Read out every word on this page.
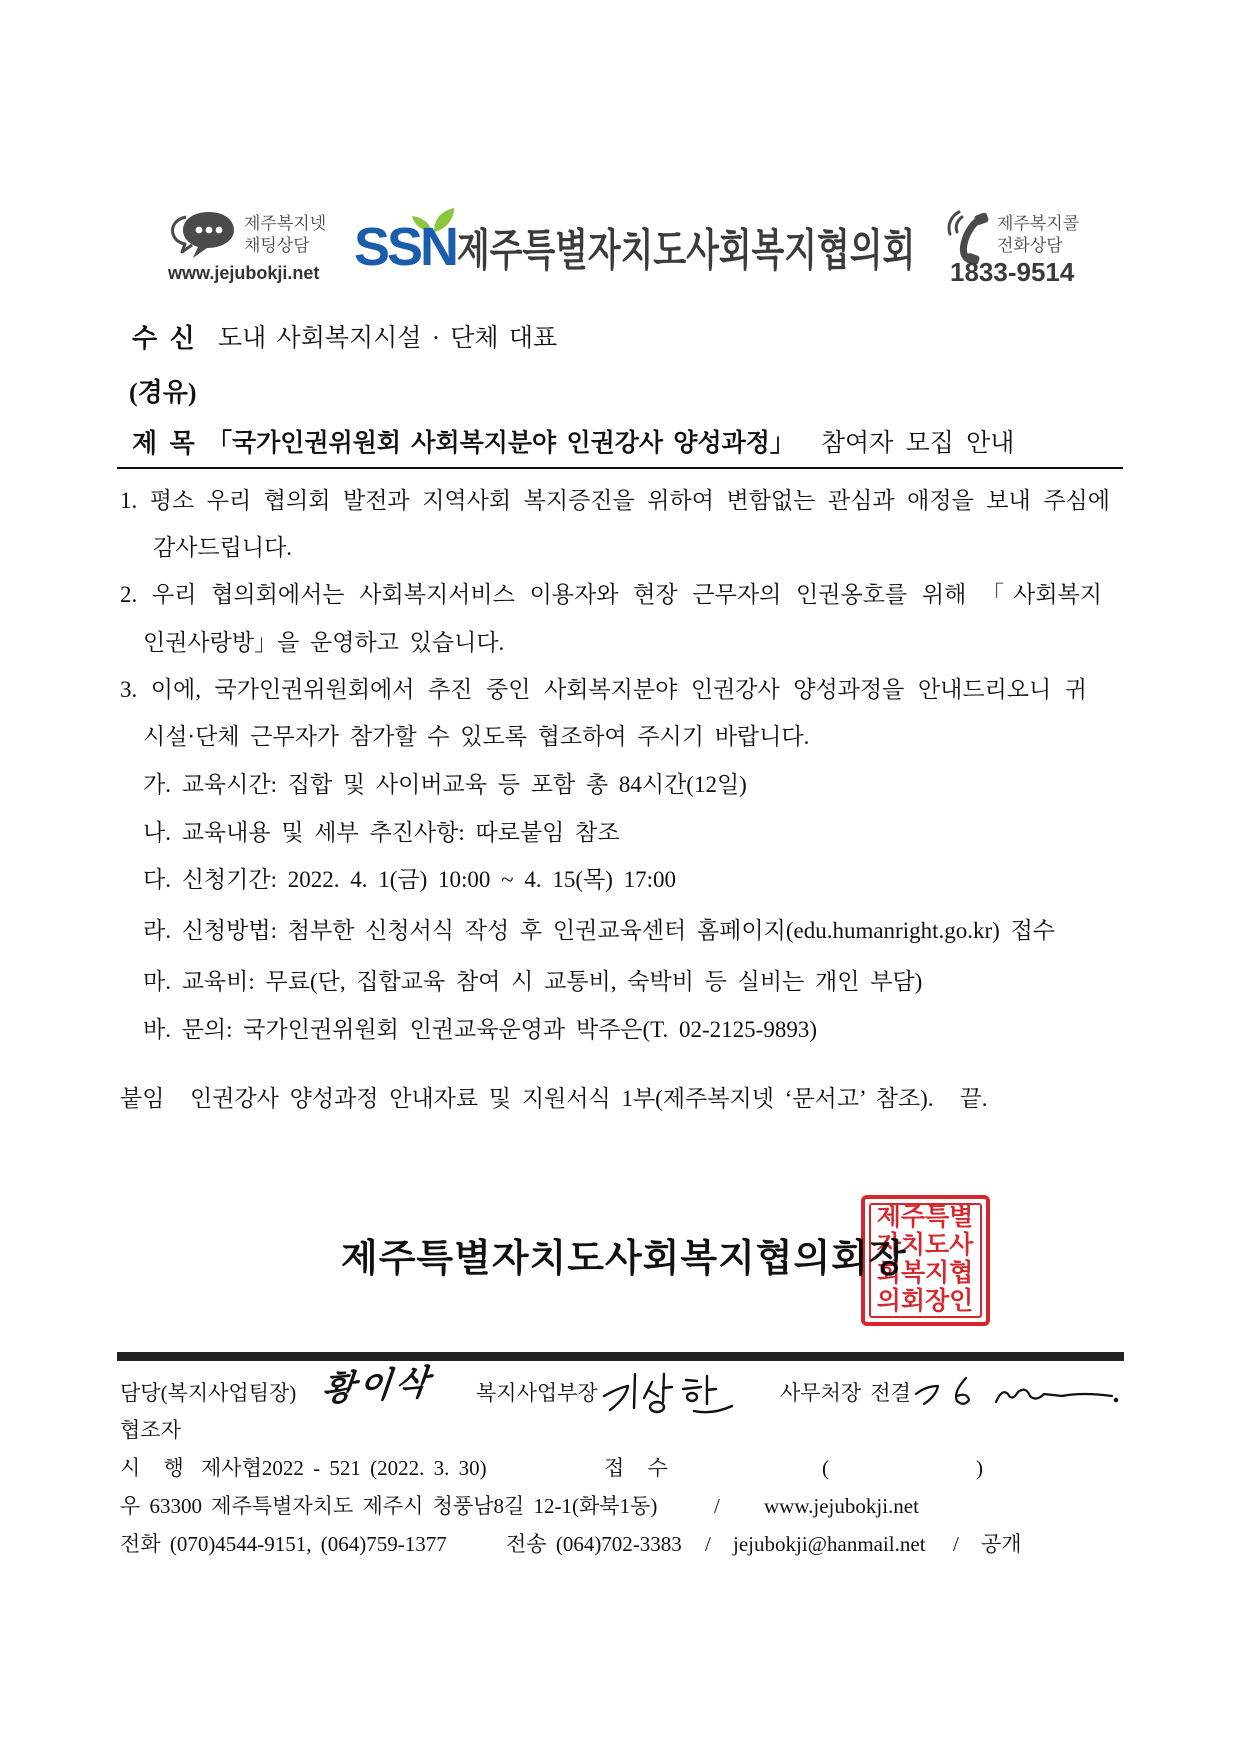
제주복지넷
채팅상담
www.jejubokji.net SSN 제주특별자치도사회복지협의회
제주복지콜
전화상담
1833-9514
수 신 도내 사회복지시설 · 단체 대표
(경유)
제 목 「국가인권위원회 사회복지분야 인권강사 양성과정」 참여자 모집 안내
1. 평소 우리 협의회 발전과 지역사회 복지증진을 위하여 변함없는 관심과 애정을 보내 주심에
감사드립니다.
2. 우리 협의회에서는 사회복지서비스 이용자와 현장 근무자의 인권옹호를 위해 「사회복지
인권사랑방」을 운영하고 있습니다.
3. 이에, 국가인권위원회에서 추진 중인 사회복지분야 인권강사 양성과정을 안내드리오니 귀
시설·단체 근무자가 참가할 수 있도록 협조하여 주시기 바랍니다.
가. 교육시간: 집합 및 사이버교육 등 포함 총 84시간(12일)
나. 교육내용 및 세부 추진사항: 따로붙임 참조
다. 신청기간: 2022. 4. 1(금) 10:00 ~ 4. 15(목) 17:00
라. 신청방법: 첨부한 신청서식 작성 후 인권교육센터 홈페이지(edu.humanright.go.kr) 접수
마. 교육비: 무료(단, 집합교육 참여 시 교통비, 숙박비 등 실비는 개인 부담)
바. 문의: 국가인권위원회 인권교육운영과 박주은(T. 02-2125-9893)
붙임 인권강사 양성과정 안내자료 및 지원서식 1부(제주복지넷 ‘문서고’ 참조). 끝.
제주특별자치도사회복지협의회장
제주특별자치도사회복지협의회장인
담당(복지사업팀장) 황이삭 복지사업부장	사무처장 전결
협조자
시 행 제사협2022 - 521 (2022. 3. 30)	접 수	(	)
우 63300 제주특별자치도 제주시 청풍남8길 12-1(화북1동)	/ www.jejubokji.net
전화 (070)4544-9151, (064)759-1377	전송 (064)702-3383 / jejubokji@hanmail.net / 공개
